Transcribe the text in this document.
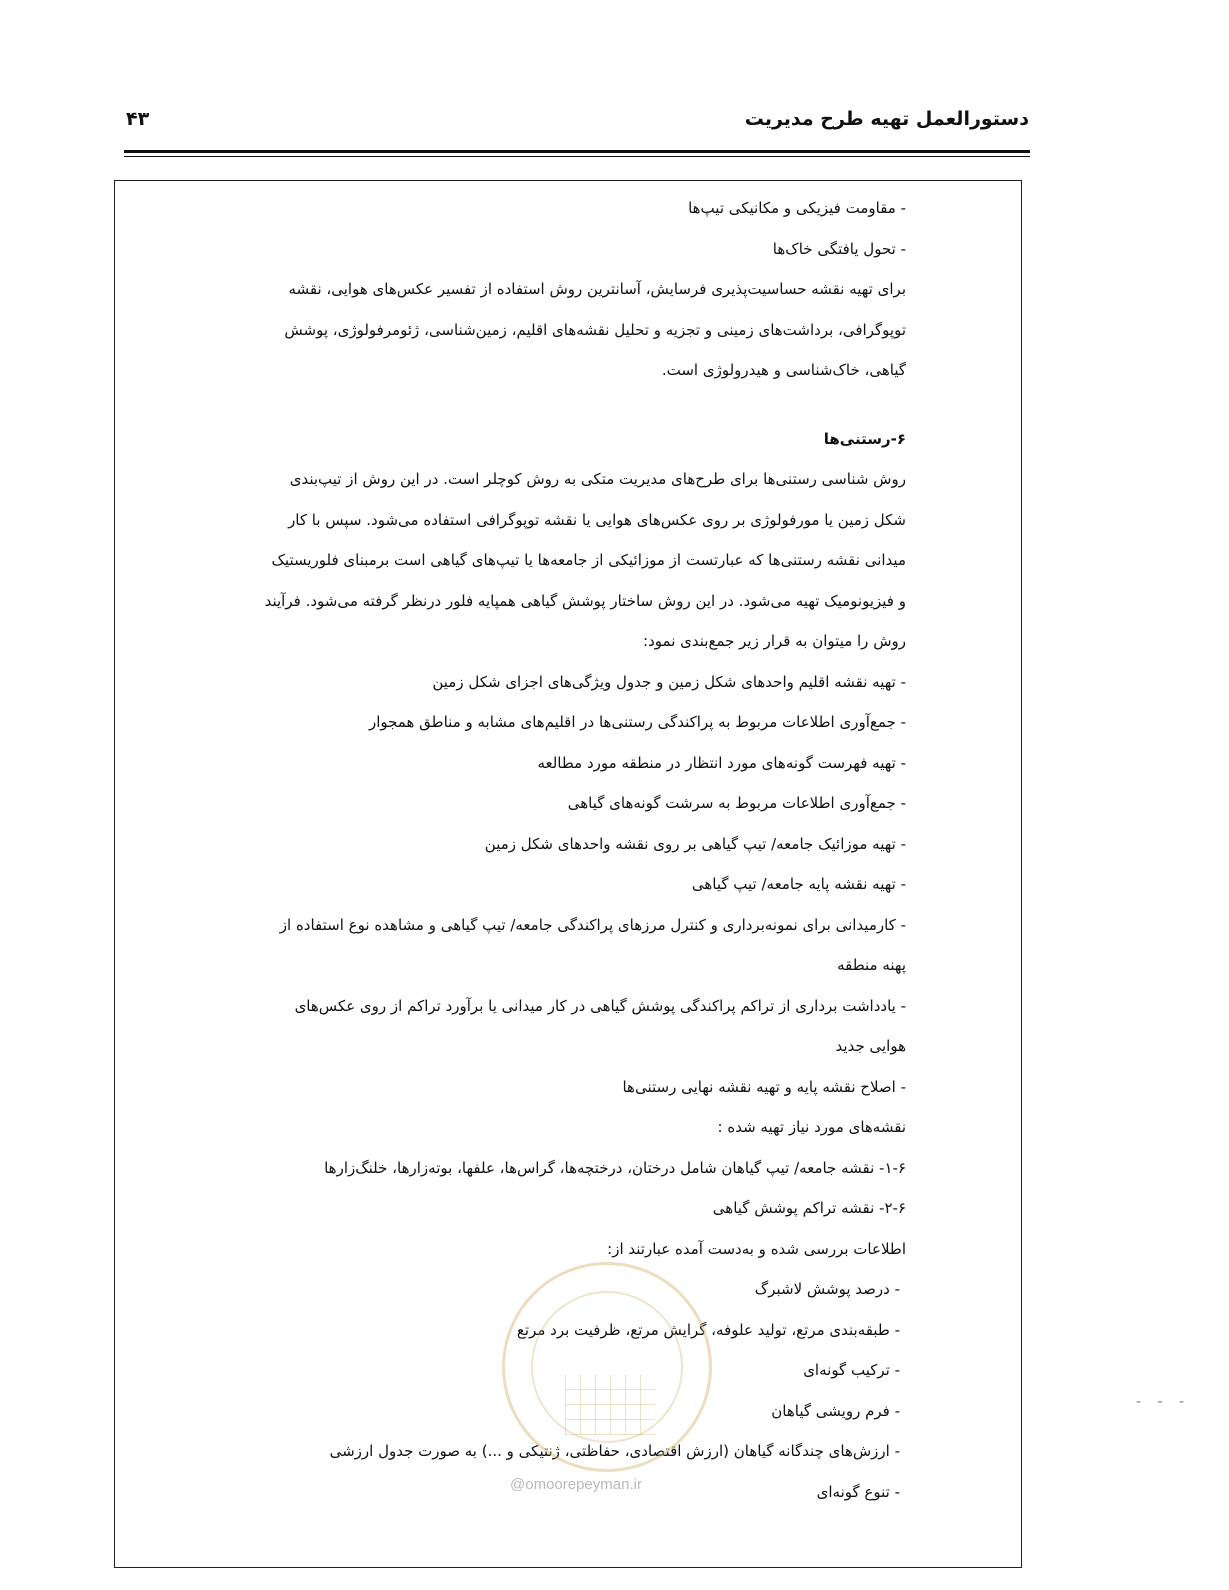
دستورالعمل تهیه طرح مدیریت
۴۳
- مقاومت فیزیکی و مکانیکی تیپ‌ها
- تحول یافتگی خاک‌ها
برای تهیه نقشه حساسیت‌پذیری فرسایش، آسانترین روش استفاده از تفسیر عکس‌های هوایی، نقشه
توپوگرافی، برداشت‌های زمینی و تجزیه و تحلیل نقشه‌های اقلیم، زمین‌شناسی، ژئومرفولوژی، پوشش
گیاهی، خاک‌شناسی و هیدرولوژی است.
۶-رستنی‌ها
روش شناسی رستنی‌ها برای طرح‌های مدیریت متکی به روش کوچلر است. در این روش از تیپ‌بندی
شکل زمین یا مورفولوژی بر روی عکس‌های هوایی یا نقشه توپوگرافی استفاده می‌شود. سپس با کار
میدانی نقشه رستنی‌ها که عبارتست از موزائیکی از جامعه‌ها یا تیپ‌های گیاهی است برمبنای فلوریستیک
و فیزیونومیک تهیه می‌شود. در این روش ساختار پوشش گیاهی همپایه فلور درنظر گرفته می‌شود. فرآیند
روش را میتوان به قرار زیر جمع‌بندی نمود:
- تهیه نقشه اقلیم واحدهای شکل زمین و جدول ویژگی‌های اجزای شکل زمین
- جمع‌آوری اطلاعات مربوط به پراکندگی رستنی‌ها در اقلیم‌های مشابه و مناطق همجوار
- تهیه فهرست گونه‌های مورد انتظار در منطقه مورد مطالعه
- جمع‌آوری اطلاعات مربوط به سرشت گونه‌های گیاهی
- تهیه موزائیک جامعه/ تیپ گیاهی بر روی نقشه واحدهای شکل زمین
- تهیه نقشه پایه جامعه/ تیپ گیاهی
- کارمیدانی برای نمونه‌برداری و کنترل مرزهای پراکندگی جامعه/ تیپ گیاهی و مشاهده نوع استفاده از
پهنه منطقه
- یادداشت برداری از تراکم پراکندگی پوشش گیاهی در کار میدانی یا برآورد تراکم از روی عکس‌های
هوایی جدید
- اصلاح نقشه پایه و تهیه نقشه نهایی رستنی‌ها
نقشه‌های مورد نیاز تهیه شده :
۱-۶- نقشه جامعه/ تیپ گیاهان شامل درختان، درختچه‌ها، گراس‌ها، علفها، بوته‌زارها، خلنگ‌زارها
۲-۶- نقشه تراکم پوشش گیاهی
اطلاعات بررسی شده و به‌دست آمده عبارتند از:
- درصد پوشش لاشبرگ
- طبقه‌بندی مرتع، تولید علوفه، گرایش مرتع، ظرفیت برد مرتع
- ترکیب گونه‌ای
- فرم رویشی گیاهان
- ارزش‌های چندگانه گیاهان (ارزش اقتصادی، حفاظتی، ژنتیکی و ...) به صورت جدول ارزشی
- تنوع گونه‌ای
@omoorepeyman.ir
- - -
